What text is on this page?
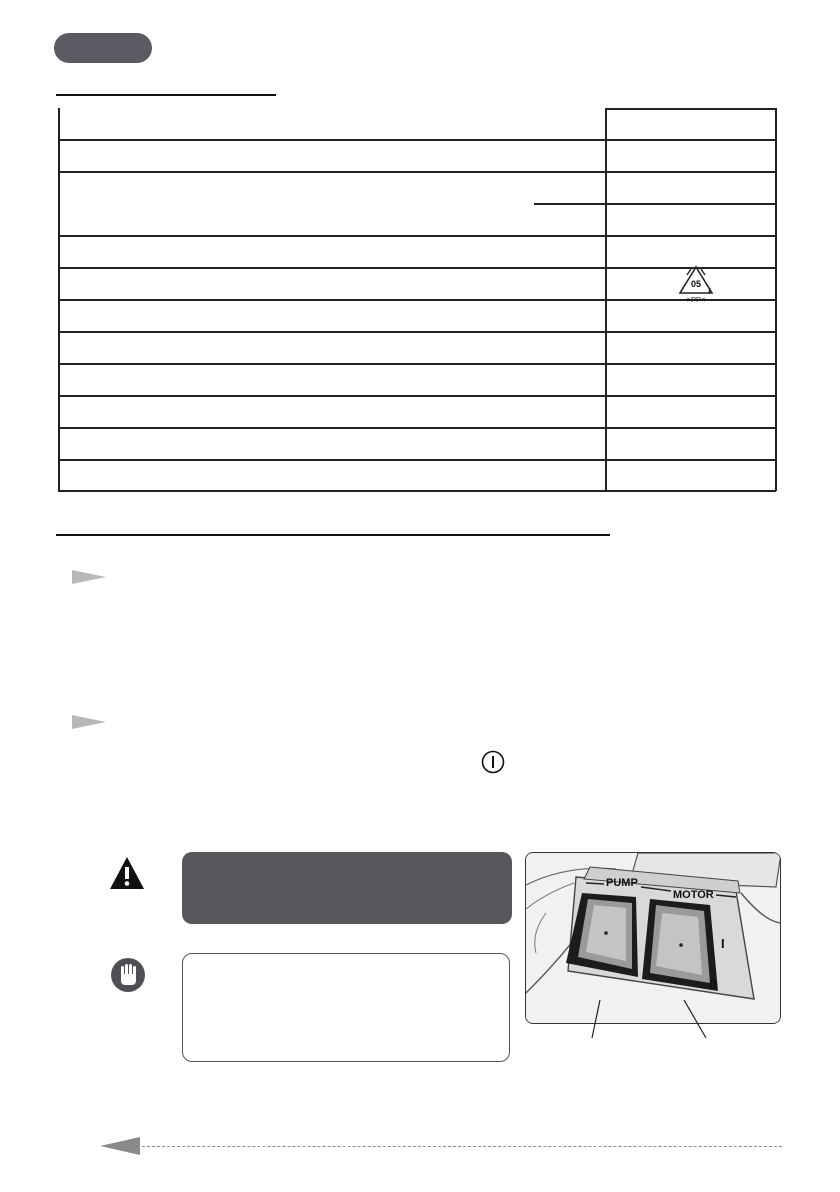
05
>PP<
PUMP
MOTOR
I
0
